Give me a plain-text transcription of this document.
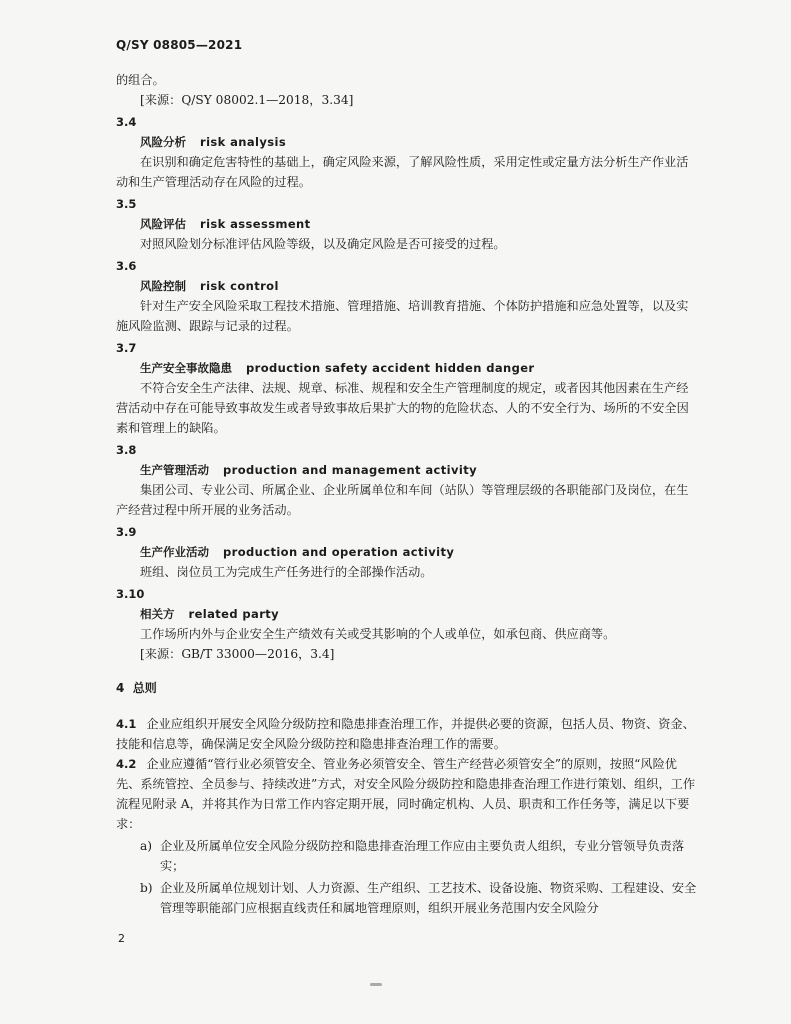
Q/SY 08805—2021

的组合。

[来源：Q/SY 08002.1—2018，3.34]

3.4
风险分析 risk analysis

在识别和确定危害特性的基础上，确定风险来源，了解风险性质，采用定性或定量方法分析生产作业活动和生产管理活动存在风险的过程。

3.5
风险评估 risk assessment

对照风险划分标准评估风险等级，以及确定风险是否可接受的过程。

3.6
风险控制 risk control

针对生产安全风险采取工程技术措施、管理措施、培训教育措施、个体防护措施和应急处置等，以及实施风险监测、跟踪与记录的过程。

3.7
生产安全事故隐患 production safety accident hidden danger

不符合安全生产法律、法规、规章、标准、规程和安全生产管理制度的规定，或者因其他因素在生产经营活动中存在可能导致事故发生或者导致事故后果扩大的物的危险状态、人的不安全行为、场所的不安全因素和管理上的缺陷。

3.8
生产管理活动 production and management activity

集团公司、专业公司、所属企业、企业所属单位和车间（站队）等管理层级的各职能部门及岗位，在生产经营过程中所开展的业务活动。

3.9
生产作业活动 production and operation activity

班组、岗位员工为完成生产任务进行的全部操作活动。

3.10
相关方 related party

工作场所内外与企业安全生产绩效有关或受其影响的个人或单位，如承包商、供应商等。

[来源：GB/T 33000—2016，3.4]

4 总则

4.1 企业应组织开展安全风险分级防控和隐患排查治理工作，并提供必要的资源，包括人员、物资、资金、技能和信息等，确保满足安全风险分级防控和隐患排查治理工作的需要。

4.2 企业应遵循“管行业必须管安全、管业务必须管安全、管生产经营必须管安全”的原则，按照“风险优先、系统管控、全员参与、持续改进”方式，对安全风险分级防控和隐患排查治理工作进行策划、组织，工作流程见附录 A，并将其作为日常工作内容定期开展，同时确定机构、人员、职责和工作任务等，满足以下要求：

a) 企业及所属单位安全风险分级防控和隐患排查治理工作应由主要负责人组织，专业分管领导负责落实；
b) 企业及所属单位规划计划、人力资源、生产组织、工艺技术、设备设施、物资采购、工程建设、安全管理等职能部门应根据直线责任和属地管理原则，组织开展业务范围内安全风险分
2
